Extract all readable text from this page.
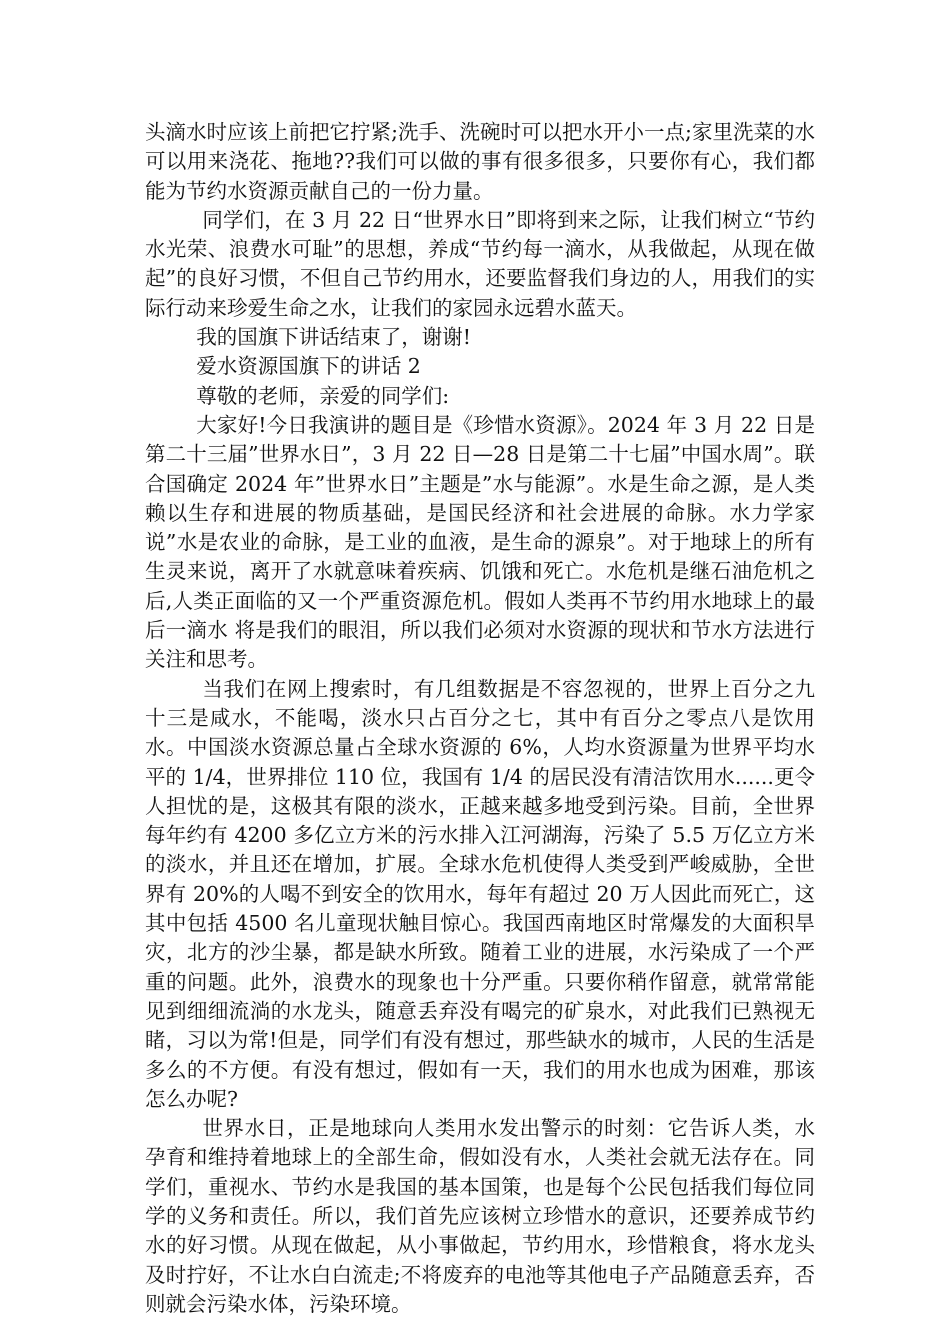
头滴水时应该上前把它拧紧;洗手、洗碗时可以把水开小一点;家里洗菜的水可以用来浇花、拖地??我们可以做的事有很多很多，只要你有心，我们都能为节约水资源贡献自己的一份力量。

同学们，在 3 月 22 日“世界水日”即将到来之际，让我们树立“节约水光荣、浪费水可耻”的思想，养成“节约每一滴水，从我做起，从现在做起”的良好习惯，不但自己节约用水，还要监督我们身边的人，用我们的实际行动来珍爱生命之水，让我们的家园永远碧水蓝天。

我的国旗下讲话结束了，谢谢!

爱水资源国旗下的讲话 2

尊敬的老师，亲爱的同学们:

大家好!今日我演讲的题目是《珍惜水资源》。2024 年 3 月 22 日是第二十三届”世界水日”，3 月 22 日—28 日是第二十七届”中国水周”。联合国确定 2024 年”世界水日”主题是”水与能源”。水是生命之源，是人类赖以生存和进展的物质基础，是国民经济和社会进展的命脉。水力学家说”水是农业的命脉，是工业的血液，是生命的源泉”。对于地球上的所有生灵来说，离开了水就意味着疾病、饥饿和死亡。水危机是继石油危机之后,人类正面临的又一个严重资源危机。假如人类再不节约用水地球上的最后一滴水 将是我们的眼泪，所以我们必须对水资源的现状和节水方法进行关注和思考。

当我们在网上搜索时，有几组数据是不容忽视的，世界上百分之九十三是咸水，不能喝，淡水只占百分之七，其中有百分之零点八是饮用水。中国淡水资源总量占全球水资源的 6%，人均水资源量为世界平均水平的 1/4，世界排位 110 位，我国有 1/4 的居民没有清洁饮用水......更令人担忧的是，这极其有限的淡水，正越来越多地受到污染。目前，全世界每年约有 4200 多亿立方米的污水排入江河湖海，污染了 5.5 万亿立方米的淡水，并且还在增加，扩展。全球水危机使得人类受到严峻威胁，全世界有 20%的人喝不到安全的饮用水，每年有超过 20 万人因此而死亡，这其中包括 4500 名儿童现状触目惊心。我国西南地区时常爆发的大面积旱灾，北方的沙尘暴，都是缺水所致。随着工业的进展，水污染成了一个严重的问题。此外，浪费水的现象也十分严重。只要你稍作留意，就常常能见到细细流淌的水龙头，随意丢弃没有喝完的矿泉水，对此我们已熟视无睹，习以为常!但是，同学们有没有想过，那些缺水的城市，人民的生活是多么的不方便。有没有想过，假如有一天，我们的用水也成为困难，那该怎么办呢?

世界水日，正是地球向人类用水发出警示的时刻：它告诉人类，水孕育和维持着地球上的全部生命，假如没有水，人类社会就无法存在。同学们，重视水、节约水是我国的基本国策，也是每个公民包括我们每位同学的义务和责任。所以，我们首先应该树立珍惜水的意识，还要养成节约水的好习惯。从现在做起，从小事做起，节约用水，珍惜粮食，将水龙头及时拧好，不让水白白流走;不将废弃的电池等其他电子产品随意丢弃，否则就会污染水体，污染环境。
